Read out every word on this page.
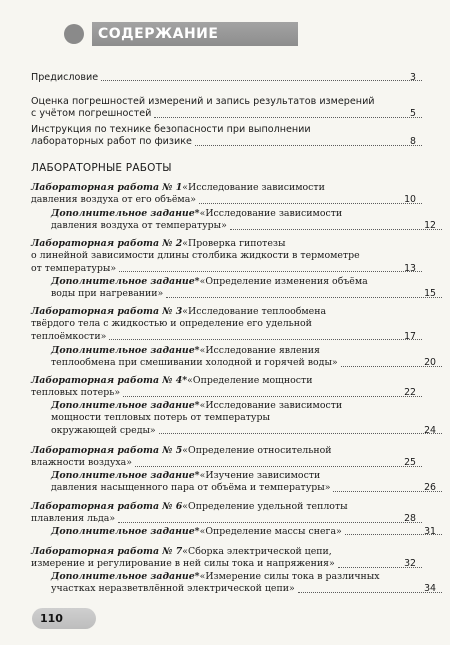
СОДЕРЖАНИЕ
Предисловие	3
Оценка погрешностей измерений и запись результатов измерений
с учётом погрешностей	5
Инструкция по технике безопасности при выполнении
лабораторных работ по физике	8
ЛАБОРАТОРНЫЕ РАБОТЫ
Лабораторная работа № 1 «Исследование зависимости
давления воздуха от его объёма»	10
Дополнительное задание* «Исследование зависимости
давления воздуха от температуры»	12
Лабораторная работа № 2 «Проверка гипотезы
о линейной зависимости длины столбика жидкости в термометре
от температуры»	13
Дополнительное задание* «Определение изменения объёма
воды при нагревании»	15
Лабораторная работа № 3 «Исследование теплообмена
твёрдого тела с жидкостью и определение его удельной
теплоёмкости»	17
Дополнительное задание* «Исследование явления
теплообмена при смешивании холодной и горячей воды»	20
Лабораторная работа № 4* «Определение мощности
тепловых потерь»	22
Дополнительное задание* «Исследование зависимости
мощности тепловых потерь от температуры
окружающей среды»	24
Лабораторная работа № 5 «Определение относительной
влажности воздуха»	25
Дополнительное задание* «Изучение зависимости
давления насыщенного пара от объёма и температуры»	26
Лабораторная работа № 6 «Определение удельной теплоты
плавления льда»	28
Дополнительное задание* «Определение массы снега»	31
Лабораторная работа № 7 «Сборка электрической цепи,
измерение и регулирование в ней силы тока и напряжения»	32
Дополнительное задание* «Измерение силы тока в различных
участках неразветвлённой электрической цепи»	34
110
